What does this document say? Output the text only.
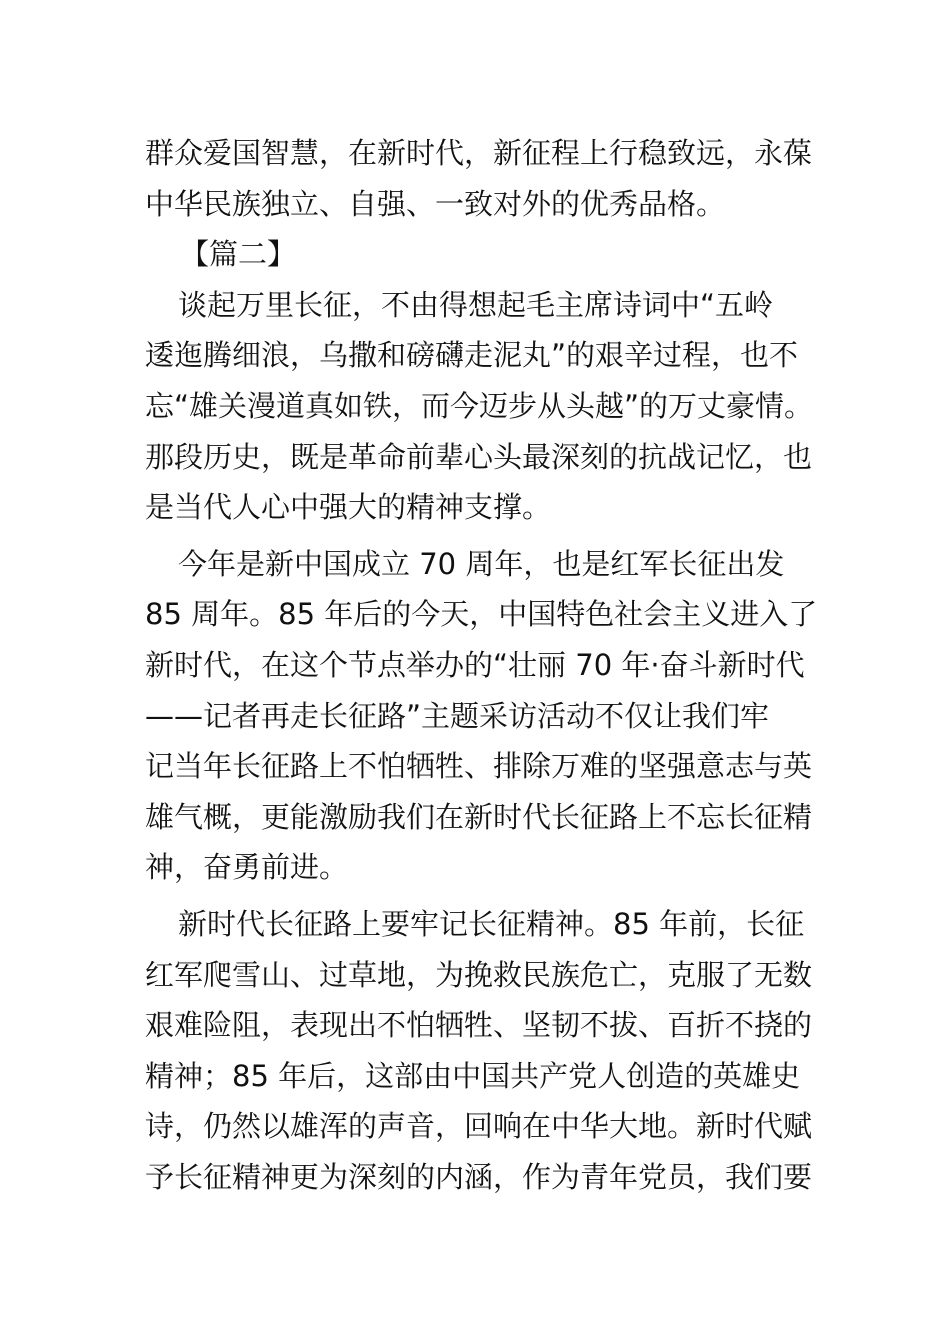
群众爱国智慧，在新时代，新征程上行稳致远，永葆
中华民族独立、自强、一致对外的优秀品格。
【篇二】
谈起万里长征，不由得想起毛主席诗词中“五岭
逶迤腾细浪，乌撒和磅礴走泥丸”的艰辛过程，也不
忘“雄关漫道真如铁，而今迈步从头越”的万丈豪情。
那段历史，既是革命前辈心头最深刻的抗战记忆，也
是当代人心中强大的精神支撑。
今年是新中国成立 70 周年，也是红军长征出发
85 周年。85 年后的今天，中国特色社会主义进入了
新时代，在这个节点举办的“壮丽 70 年·奋斗新时代
——记者再走长征路”主题采访活动不仅让我们牢
记当年长征路上不怕牺牲、排除万难的坚强意志与英
雄气概，更能激励我们在新时代长征路上不忘长征精
神，奋勇前进。
新时代长征路上要牢记长征精神。85 年前，长征
红军爬雪山、过草地，为挽救民族危亡，克服了无数
艰难险阻，表现出不怕牺牲、坚韧不拔、百折不挠的
精神；85 年后，这部由中国共产党人创造的英雄史
诗，仍然以雄浑的声音，回响在中华大地。新时代赋
予长征精神更为深刻的内涵，作为青年党员，我们要
